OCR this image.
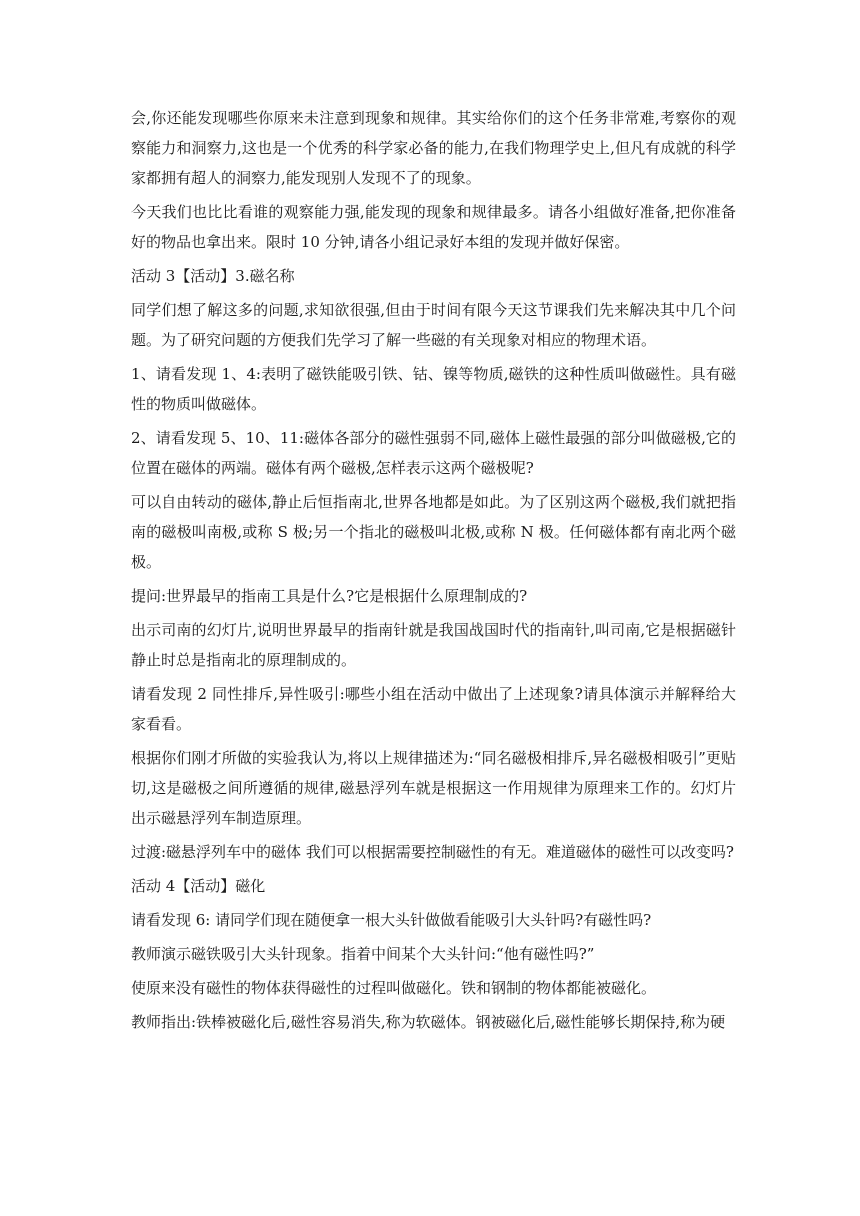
会,你还能发现哪些你原来未注意到现象和规律。其实给你们的这个任务非常难,考察你的观察能力和洞察力,这也是一个优秀的科学家必备的能力,在我们物理学史上,但凡有成就的科学家都拥有超人的洞察力,能发现别人发现不了的现象。

今天我们也比比看谁的观察能力强,能发现的现象和规律最多。请各小组做好准备,把你准备好的物品也拿出来。限时 10 分钟,请各小组记录好本组的发现并做好保密。

活动 3【活动】3.磁名称

同学们想了解这多的问题,求知欲很强,但由于时间有限今天这节课我们先来解决其中几个问题。为了研究问题的方便我们先学习了解一些磁的有关现象对相应的物理术语。

1、请看发现 1、4:表明了磁铁能吸引铁、钴、镍等物质,磁铁的这种性质叫做磁性。具有磁性的物质叫做磁体。

2、请看发现 5、10、11:磁体各部分的磁性强弱不同,磁体上磁性最强的部分叫做磁极,它的位置在磁体的两端。磁体有两个磁极,怎样表示这两个磁极呢?

可以自由转动的磁体,静止后恒指南北,世界各地都是如此。为了区别这两个磁极,我们就把指南的磁极叫南极,或称 S 极;另一个指北的磁极叫北极,或称 N 极。任何磁体都有南北两个磁极。

提问:世界最早的指南工具是什么?它是根据什么原理制成的?

出示司南的幻灯片,说明世界最早的指南针就是我国战国时代的指南针,叫司南,它是根据磁针静止时总是指南北的原理制成的。

请看发现 2 同性排斥,异性吸引:哪些小组在活动中做出了上述现象?请具体演示并解释给大家看看。

根据你们刚才所做的实验我认为,将以上规律描述为:“同名磁极相排斥,异名磁极相吸引”更贴切,这是磁极之间所遵循的规律,磁悬浮列车就是根据这一作用规律为原理来工作的。幻灯片出示磁悬浮列车制造原理。

过渡:磁悬浮列车中的磁体 我们可以根据需要控制磁性的有无。难道磁体的磁性可以改变吗?

活动 4【活动】磁化

请看发现 6: 请同学们现在随便拿一根大头针做做看能吸引大头针吗?有磁性吗?

教师演示磁铁吸引大头针现象。指着中间某个大头针问:“他有磁性吗?”

使原来没有磁性的物体获得磁性的过程叫做磁化。铁和钢制的物体都能被磁化。

教师指出:铁棒被磁化后,磁性容易消失,称为软磁体。钢被磁化后,磁性能够长期保持,称为硬
